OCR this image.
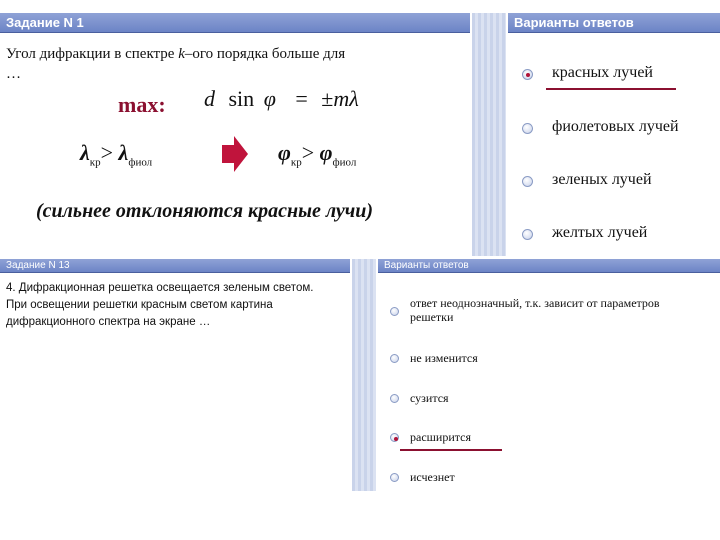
Задание N 1
Угол дифракции в спектре k–ого порядка больше для
…
max: d sin φ = ±mλ
$\lambda_{кр}> \lambda_{фиол}$	$\varphi_{кр}> \varphi_{фиол}$
(сильнее отклоняются красные лучи)
Варианты ответов
красных лучей
фиолетовых лучей
зеленых лучей
желтых лучей
Задание N 13
4. Дифракционная решетка освещается зеленым светом.
При освещении решетки красным светом картина
дифракционного спектра на экране …
Варианты ответов
ответ неоднозначный, т.к. зависит от параметров
решетки
не изменится
сузится
расширится
исчезнет
